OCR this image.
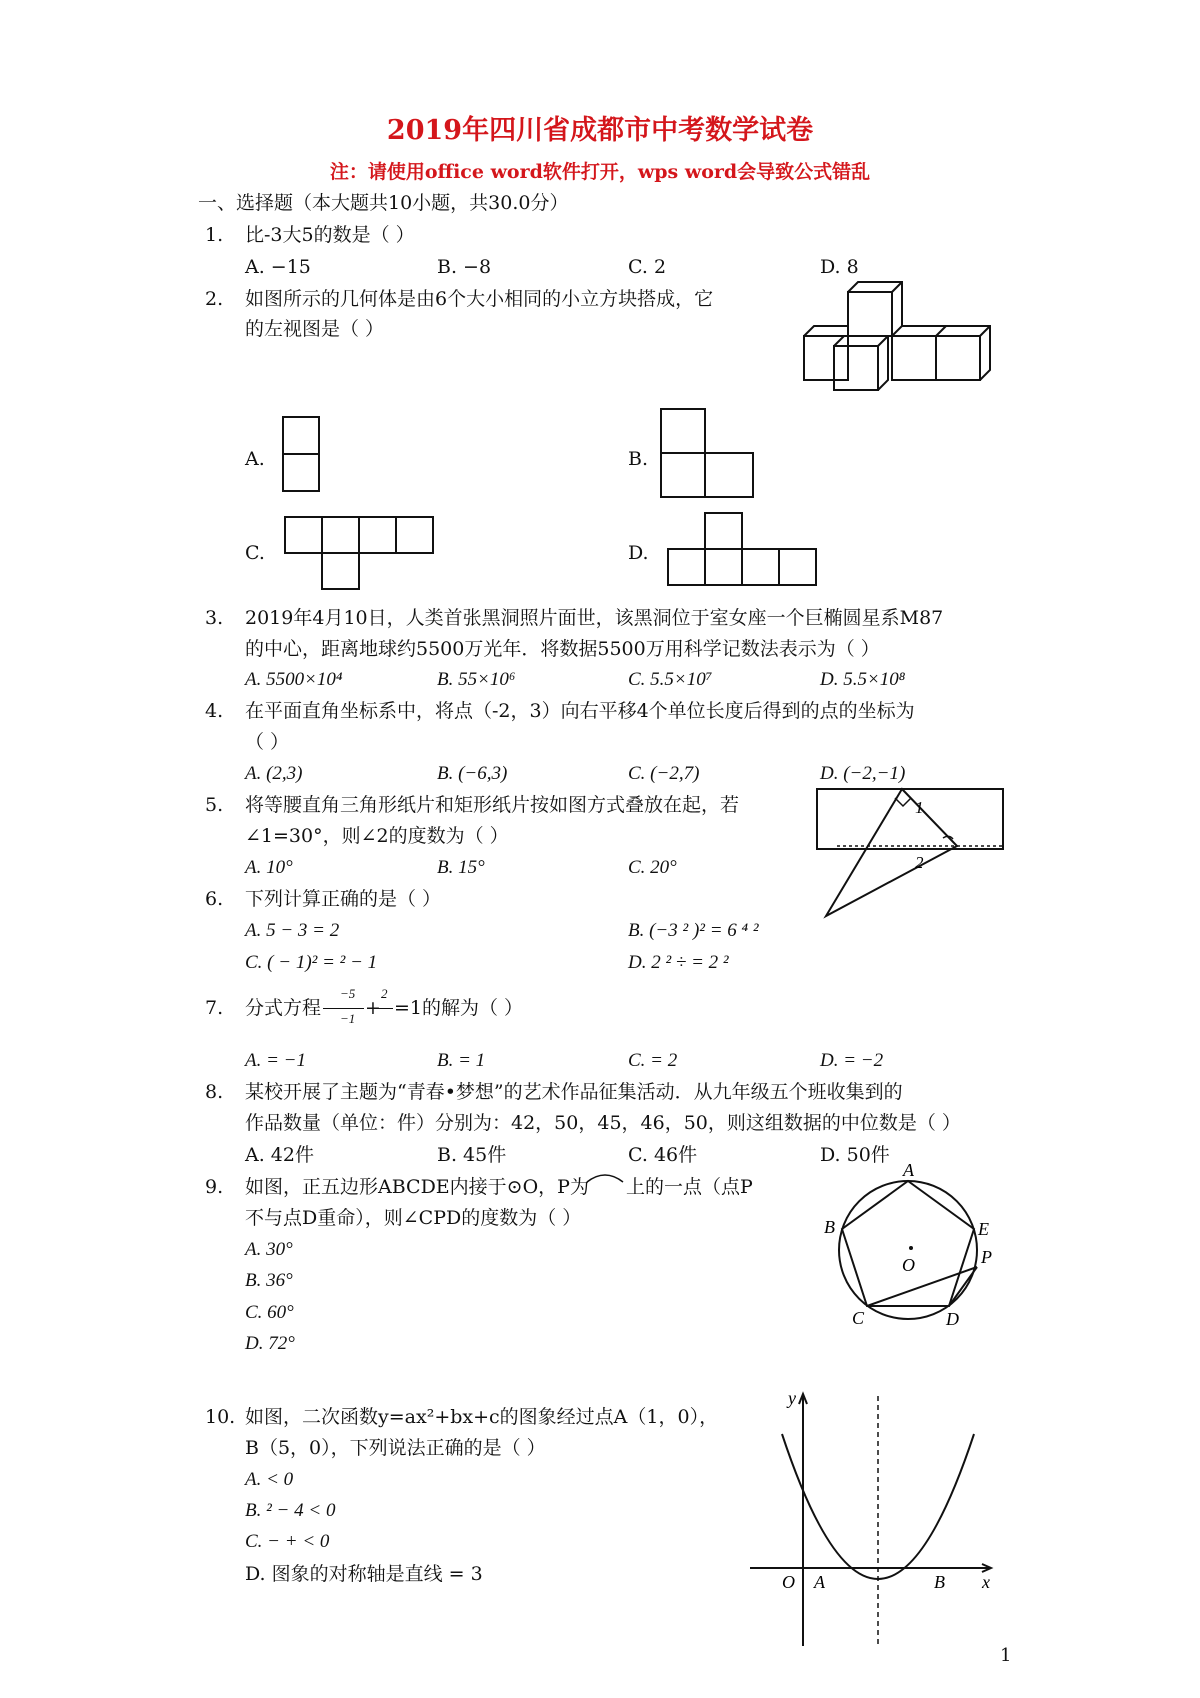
2019年四川省成都市中考数学试卷
注：请使用office word软件打开，wps word会导致公式错乱
一、选择题（本大题共10小题，共30.0分）
1. 比-3大5的数是（ ）
A. −15	B. −8	C. 2	D. 8
2. 如图所示的几何体是由6个大小相同的小立方块搭成，它
的左视图是（ ）
A.	B.
C.	D.
3. 2019年4月10日，人类首张黑洞照片面世，该黑洞位于室女座一个巨椭圆星系M87
的中心，距离地球约5500万光年．将数据5500万用科学记数法表示为（ ）
A. 5500×10⁴	B. 55×10⁶	C. 5.5×10⁷	D. 5.5×10⁸
4. 在平面直角坐标系中，将点（-2，3）向右平移4个单位长度后得到的点的坐标为
（ ）
A. (2,3)	B. (−6,3)	C. (−2,7)	D. (−2,−1)
5. 将等腰直角三角形纸片和矩形纸片按如图方式叠放在起，若
∠1=30°，则∠2的度数为（ ）
A. 10°	B. 15°	C. 20°
1
2
6. 下列计算正确的是（ ）
A. 5 − 3 = 2	B. (−3 ² )² = 6 ⁴ ²
C. ( − 1)² = ² − 1	D. 2 ² ÷ = 2 ²
7. 分式方程
−5
−1 +
2
=1的解为（ ）
A. = −1	B. = 1	C. = 2	D. = −2
8. 某校开展了主题为“青春•梦想”的艺术作品征集活动．从九年级五个班收集到的
作品数量（单位：件）分别为：42，50，45，46，50，则这组数据的中位数是（ ）
A. 42件	B. 45件	C. 46件	D. 50件
9. 如图，正五边形ABCDE内接于⊙O，P为 上的一点（点P
不与点D重命），则∠CPD的度数为（ ）
A. 30°
B. 36°
C. 60°
D. 72°
A
B	E
P
O
C	D
10. 如图，二次函数y=ax²+bx+c的图象经过点A（1，0），
B（5，0），下列说法正确的是（ ）
A. < 0
B. ² − 4 < 0
C. − + < 0
D. 图象的对称轴是直线 = 3
y
O A	B x
1
